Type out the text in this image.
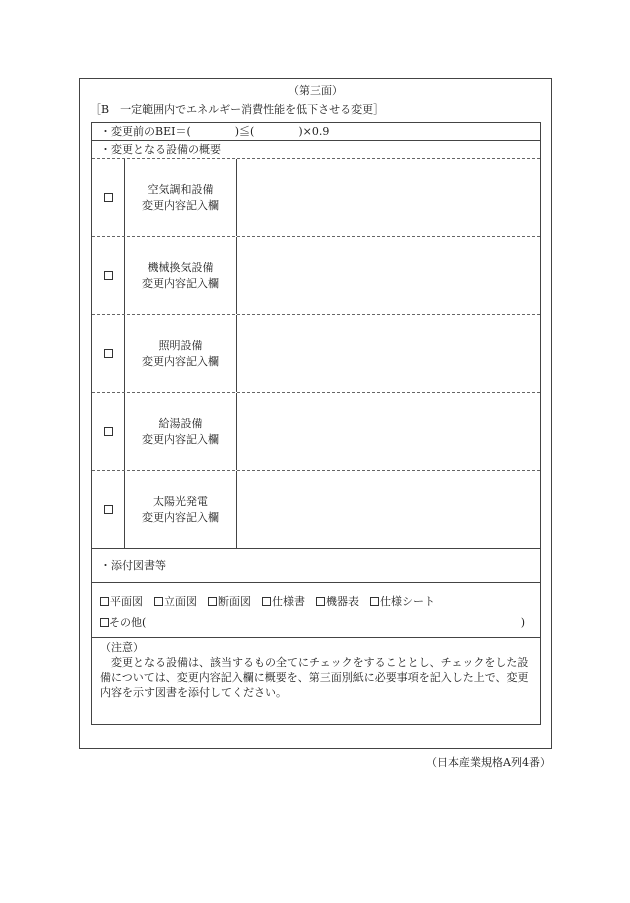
（第三面）
［B　一定範囲内でエネルギー消費性能を低下させる変更］
・変更前のBEI＝(　　　　)≦(　　　　)×0.9
・変更となる設備の概要
空気調和設備
変更内容記入欄
機械換気設備
変更内容記入欄
照明設備
変更内容記入欄
給湯設備
変更内容記入欄
太陽光発電
変更内容記入欄
・添付図書等
平面図 立面図 断面図 仕様書 機器表 仕様シート
その他(	)
（注意）
変更となる設備は、該当するもの全てにチェックをすることとし、チェックをした設備については、変更内容記入欄に概要を、第三面別紙に必要事項を記入した上で、変更内容を示す図書を添付してください。
（日本産業規格A列4番）
